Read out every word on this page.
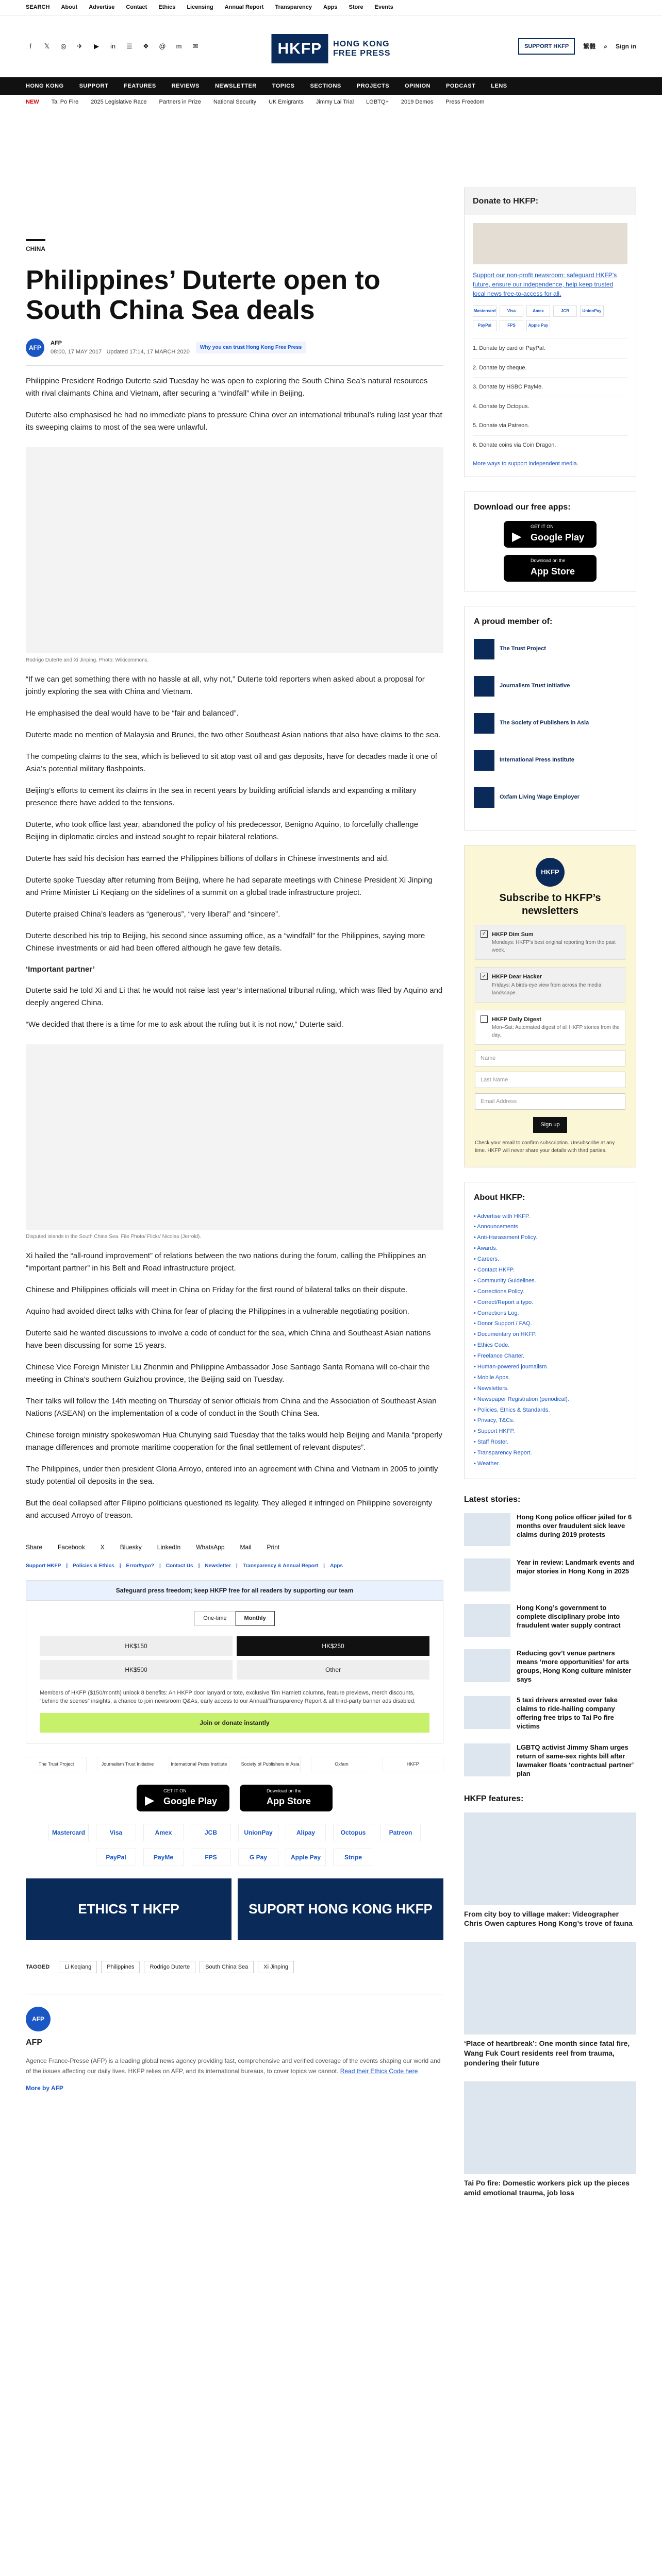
SEARCH About Advertise Contact Ethics Licensing Annual Report Transparency Apps Store Events
f	𝕏 ◎ ✈	▶	in	☰ ❖ @ m ✉	HKFP	HONG KONG
FREE PRESS
SUPPORT HKFP	繁體 ⌕ Sign in
HONG KONG	SUPPORT	FEATURES	REVIEWS	NEWSLETTER	TOPICS	SECTIONS	PROJECTS	OPINION	PODCAST	LENS
NEW Tai Po Fire 2025 Legislative Race Partners in Prize National Security UK Emigrants Jimmy Lai Trial LGBTQ+ 2019 Demos Press Freedom
CHINA
Philippines’ Duterte open to South China Sea deals
AFP
AFP
08:00, 17 MAY 2017 Updated 17:14, 17 MARCH 2020
Why you can trust Hong Kong Free Press

Philippine President Rodrigo Duterte said Tuesday he was open to exploring the South China Sea’s natural resources with rival claimants China and Vietnam, after securing a “windfall” while in Beijing.

Duterte also emphasised he had no immediate plans to pressure China over an international tribunal’s ruling last year that its sweeping claims to most of the sea were unlawful.

Rodrigo Duterte and Xi Jinping. Photo: Wikicommons.

“If we can get something there with no hassle at all, why not,” Duterte told reporters when asked about a proposal for jointly exploring the sea with China and Vietnam.

He emphasised the deal would have to be “fair and balanced”.

Duterte made no mention of Malaysia and Brunei, the two other Southeast Asian nations that also have claims to the sea.

The competing claims to the sea, which is believed to sit atop vast oil and gas deposits, have for decades made it one of Asia’s potential military flashpoints.

Beijing’s efforts to cement its claims in the sea in recent years by building artificial islands and expanding a military presence there have added to the tensions.

Duterte, who took office last year, abandoned the policy of his predecessor, Benigno Aquino, to forcefully challenge Beijing in diplomatic circles and instead sought to repair bilateral relations.

Duterte has said his decision has earned the Philippines billions of dollars in Chinese investments and aid.

Duterte spoke Tuesday after returning from Beijing, where he had separate meetings with Chinese President Xi Jinping and Prime Minister Li Keqiang on the sidelines of a summit on a global trade infrastructure project.

Duterte praised China’s leaders as “generous”, “very liberal” and “sincere”.

Duterte described his trip to Beijing, his second since assuming office, as a “windfall” for the Philippines, saying more Chinese investments or aid had been offered although he gave few details.

‘Important partner’

Duterte said he told Xi and Li that he would not raise last year’s international tribunal ruling, which was filed by Aquino and deeply angered China.

“We decided that there is a time for me to ask about the ruling but it is not now,” Duterte said.

Disputed islands in the South China Sea. File Photo/ Flickr/ Nicolas (Jerrold).

Xi hailed the “all-round improvement” of relations between the two nations during the forum, calling the Philippines an “important partner” in his Belt and Road infrastructure project.

Chinese and Philippines officials will meet in China on Friday for the first round of bilateral talks on their dispute.

Aquino had avoided direct talks with China for fear of placing the Philippines in a vulnerable negotiating position.

Duterte said he wanted discussions to involve a code of conduct for the sea, which China and Southeast Asian nations have been discussing for some 15 years.

Chinese Vice Foreign Minister Liu Zhenmin and Philippine Ambassador Jose Santiago Santa Romana will co-chair the meeting in China’s southern Guizhou province, the Beijing said on Tuesday.

Their talks will follow the 14th meeting on Thursday of senior officials from China and the Association of Southeast Asian Nations (ASEAN) on the implementation of a code of conduct in the South China Sea.

Chinese foreign ministry spokeswoman Hua Chunying said Tuesday that the talks would help Beijing and Manila “properly manage differences and promote maritime cooperation for the final settlement of relevant disputes”.

The Philippines, under then president Gloria Arroyo, entered into an agreement with China and Vietnam in 2005 to jointly study potential oil deposits in the sea.

But the deal collapsed after Filipino politicians questioned its legality. They alleged it infringed on Philippine sovereignty and accused Arroyo of treason.

Share	Facebook	X	Bluesky	LinkedIn	WhatsApp	Mail	Print
Support HKFP | Policies & Ethics | Error/typo? | Contact Us | Newsletter | Transparency & Annual Report | Apps
Safeguard press freedom; keep HKFP free for all readers by supporting our team
One-time	Monthly
HK$150	HK$250
HK$500	Other

Members of HKFP ($150/month) unlock 8 benefits: An HKFP door lanyard or tote, exclusive Tim Hamlett columns, feature previews, merch discounts, “behind the scenes” insights, a chance to join newsroom Q&As, early access to our Annual/Transparency Report & all third-party banner ads disabled.

Join or donate instantly
The Trust Project	Journalism Trust Initiative	International Press Institute	Society of Publishers in Asia	Oxfam	HKFP
▶
GET IT ON
Google Play
Download on the
App Store
Mastercard	Visa	Amex	JCB	UnionPay	Alipay	Octopus	Patreon
PayPal	PayMe	FPS	G Pay	Apple Pay	Stripe
ETHICS T HKFP	SUPORT HONG KONG HKFP
TAGGED	Li Keqiang	Philippines	Rodrigo Duterte	South China Sea	Xi Jinping
AFP
AFP

Agence France-Presse (AFP) is a leading global news agency providing fast, comprehensive and verified coverage of the events shaping our world and of the issues affecting our daily lives. HKFP relies on AFP, and its international bureaus, to cover topics we cannot. Read their Ethics Code here

More by AFP

Donate to HKFP:

Support our non-profit newsroom: safeguard HKFP’s future, ensure our independence, help keep trusted local news free-to-access for all.

Mastercard	Visa	Amex	JCB	UnionPay
PayPal	FPS	Apple Pay
1. Donate by card or PayPal.
2. Donate by cheque.
3. Donate by HSBC PayMe.
4. Donate by Octopus.
5. Donate via Patreon.
6. Donate coins via Coin Dragon.
More ways to support independent media.
Download our free apps:
▶
GET IT ON
Google Play
Download on the
App Store
A proud member of:
The Trust Project
Journalism Trust Initiative
The Society of Publishers in Asia
International Press Institute
Oxfam Living Wage Employer
HKFP
Subscribe to HKFP’s newsletters
✓ HKFP Dim Sum
Mondays: HKFP’s best original reporting from the past week.
✓ HKFP Dear Hacker
Fridays: A birds-eye view from across the media landscape.
HKFP Daily Digest
Mon–Sat: Automated digest of all HKFP stories from the day.
Name
Last Name
Email Address
Sign up

Check your email to confirm subscription. Unsubscribe at any time. HKFP will never share your details with third parties.

About HKFP:
• Advertise with HKFP.
• Announcements.
• Anti-Harassment Policy.
• Awards.
• Careers.
• Contact HKFP.
• Community Guidelines.
• Corrections Policy.
• Correct/Report a typo.
• Corrections Log.
• Donor Support / FAQ.
• Documentary on HKFP.
• Ethics Code.
• Freelance Charter.
• Human-powered journalism.
• Mobile Apps.
• Newsletters.
• Newspaper Registration (periodical).
• Policies, Ethics & Standards.
• Privacy, T&Cs.
• Support HKFP.
• Staff Roster.
• Transparency Report.
• Weather.
Latest stories:

Hong Kong police officer jailed for 6 months over fraudulent sick leave claims during 2019 protests

Year in review: Landmark events and major stories in Hong Kong in 2025

Hong Kong’s government to complete disciplinary probe into fraudulent water supply contract

Reducing gov’t venue partners means ‘more opportunities’ for arts groups, Hong Kong culture minister says

5 taxi drivers arrested over fake claims to ride-hailing company offering free trips to Tai Po fire victims

LGBTQ activist Jimmy Sham urges return of same-sex rights bill after lawmaker floats ‘contractual partner’ plan

HKFP features:

From city boy to village maker: Videographer Chris Owen captures Hong Kong’s trove of fauna

‘Place of heartbreak’: One month since fatal fire, Wang Fuk Court residents reel from trauma, pondering their future

Tai Po fire: Domestic workers pick up the pieces amid emotional trauma, job loss
